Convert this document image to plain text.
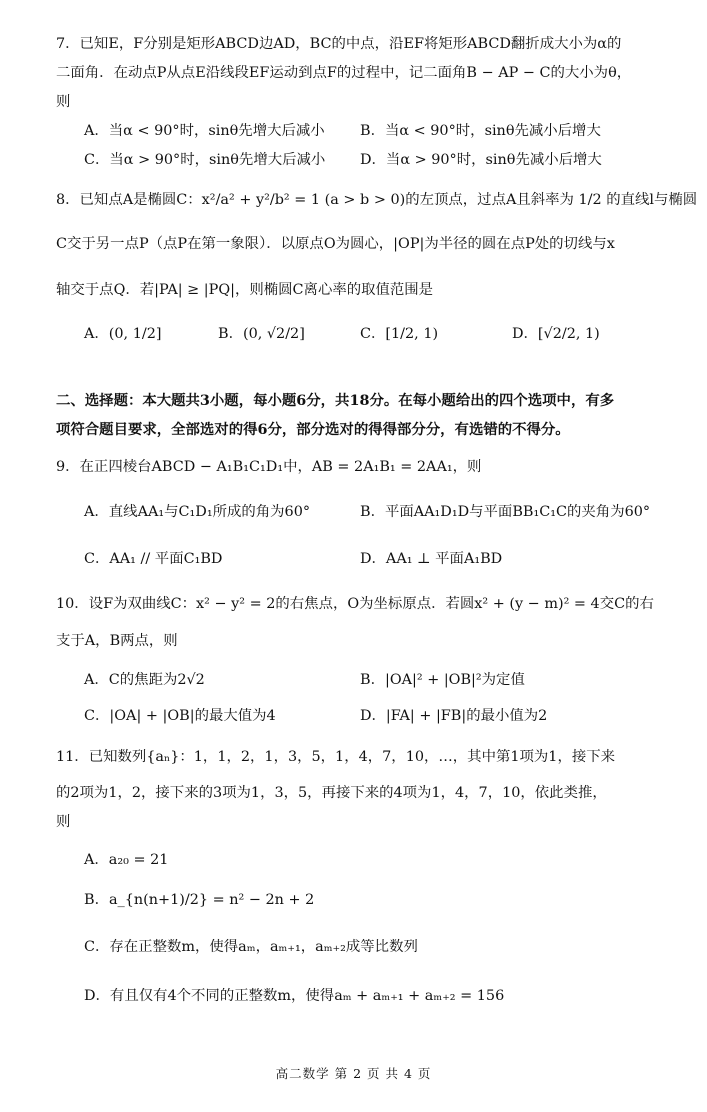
7．已知E，F分别是矩形ABCD边AD，BC的中点，沿EF将矩形ABCD翻折成大小为α的
二面角．在动点P从点E沿线段EF运动到点F的过程中，记二面角B − AP − C的大小为θ，
则
A．当α < 90°时，sinθ先增大后减小 B．当α < 90°时，sinθ先减小后增大
C．当α > 90°时，sinθ先增大后减小 D．当α > 90°时，sinθ先减小后增大
8．已知点A是椭圆C：x²/a² + y²/b² = 1 (a > b > 0)的左顶点，过点A且斜率为 1/2 的直线l与椭圆
C交于另一点P（点P在第一象限）．以原点O为圆心，|OP|为半径的圆在点P处的切线与x
轴交于点Q．若|PA| ≥ |PQ|，则椭圆C离心率的取值范围是
A．(0, 1/2]	B．(0, √2/2]	C．[1/2, 1)	D．[√2/2, 1)
二、选择题：本大题共3小题，每小题6分，共18分。在每小题给出的四个选项中，有多
项符合题目要求，全部选对的得6分，部分选对的得得部分分，有选错的不得分。
9．在正四棱台ABCD − A₁B₁C₁D₁中，AB = 2A₁B₁ = 2AA₁，则
A．直线AA₁与C₁D₁所成的角为60°	B．平面AA₁D₁D与平面BB₁C₁C的夹角为60°
C．AA₁ // 平面C₁BD	D．AA₁ ⊥ 平面A₁BD
10．设F为双曲线C：x² − y² = 2的右焦点，O为坐标原点．若圆x² + (y − m)² = 4交C的右
支于A，B两点，则
A．C的焦距为2√2	B．|OA|² + |OB|²为定值
C．|OA| + |OB|的最大值为4	D．|FA| + |FB|的最小值为2
11．已知数列{aₙ}：1，1，2，1，3，5，1，4，7，10，…，其中第1项为1，接下来
的2项为1，2，接下来的3项为1，3，5，再接下来的4项为1，4，7，10，依此类推，
则
A．a₂₀ = 21
B．a_{n(n+1)/2} = n² − 2n + 2
C．存在正整数m，使得aₘ，aₘ₊₁，aₘ₊₂成等比数列
D．有且仅有4个不同的正整数m，使得aₘ + aₘ₊₁ + aₘ₊₂ = 156
高二数学 第 2 页 共 4 页
